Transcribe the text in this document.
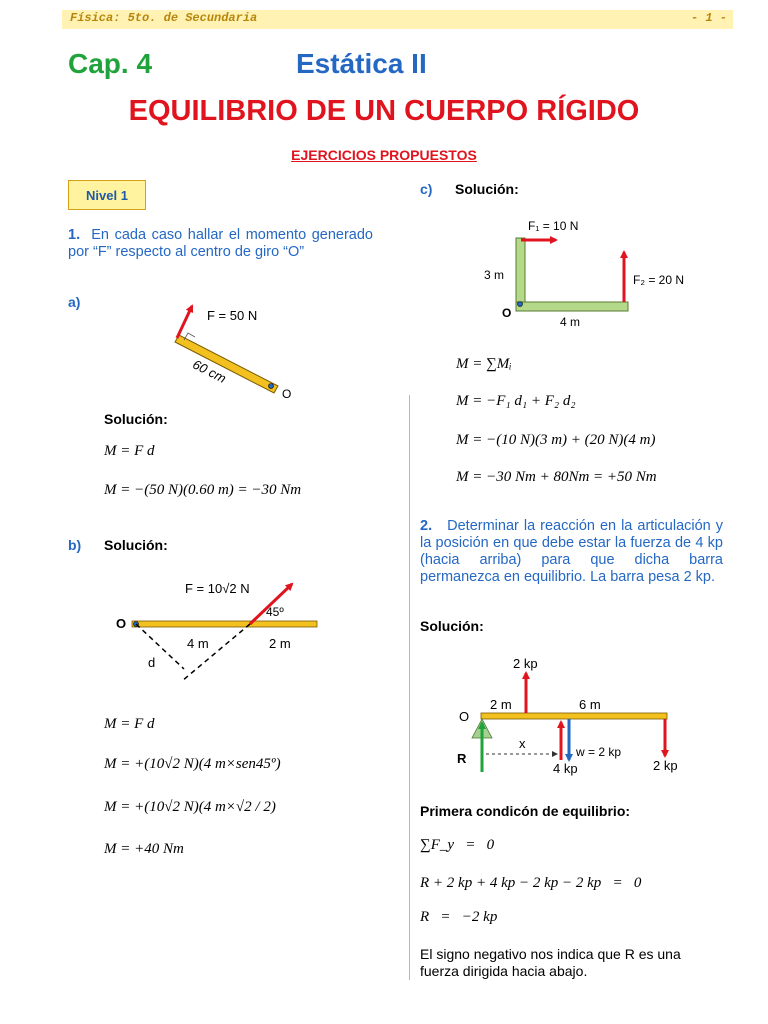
Física: 5to. de Secundaria	- 1 -
Cap. 4	Estática II
EQUILIBRIO DE UN CUERPO RÍGIDO
EJERCICIOS PROPUESTOS
Nivel 1
1. En cada caso hallar el momento generado por “F” respecto al centro de giro “O”
a)
F = 50 N
60 cm
O
Solución:
M = F d
M = −(50 N)(0.60 m) = −30 Nm
b) Solución:
F = 10√2 N
45º
O
4 m	2 m
d
M = F d
M = +(10√2 N)(4 m×sen45º)
M = +(10√2 N)(4 m×√2 / 2)
M = +40 Nm
c) Solución:
F₁ = 10 N
F₂ = 20 N
3 m
4 m
O
M = ∑Mᵢ
M = −F₁ d₁ + F₂ d₂
M = −(10 N)(3 m) + (20 N)(4 m)
M = −30 Nm + 80Nm = +50 Nm
2. Determinar la reacción en la articulación y la posición en que debe estar la fuerza de 4 kp (hacia arriba) para que dicha barra permanezca en equilibrio. La barra pesa 2 kp.
Solución:
2 kp
2 m	6 m
O
R
x
w = 2 kp
4 kp	2 kp
Primera condicón de equilibrio:
∑F_y   =   0
R + 2 kp + 4 kp − 2 kp − 2 kp   =   0
R   =   −2 kp
El signo negativo nos indica que R es una fuerza dirigida hacia abajo.
